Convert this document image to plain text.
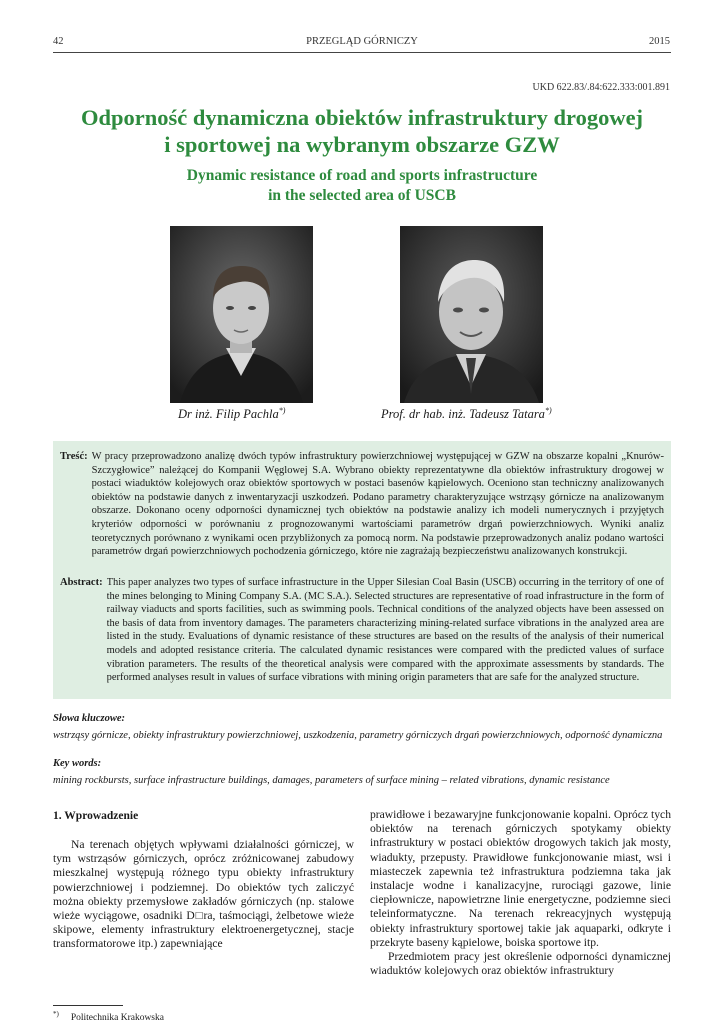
42	PRZEGLĄD GÓRNICZY	2015
UKD 622.83/.84:622.333:001.891
Odporność dynamiczna obiektów infrastruktury drogowej
i sportowej na wybranym obszarze GZW
Dynamic resistance of road and sports infrastructure
in the selected area of USCB
Dr inż. Filip Pachla*)	Prof. dr hab. inż. Tadeusz Tatara*)
Treść: W pracy przeprowadzono analizę dwóch typów infrastruktury powierzchniowej występującej w GZW na obszarze kopalni „Knurów-Szczygłowice” należącej do Kompanii Węglowej S.A. Wybrano obiekty reprezentatywne dla obiektów infrastruktury drogowej w postaci wiaduktów kolejowych oraz obiektów sportowych w postaci basenów kąpielowych. Oceniono stan techniczny analizowanych obiektów na podstawie danych z inwentaryzacji uszkodzeń. Podano parametry charakteryzujące wstrząsy górnicze na analizowanym obszarze. Dokonano oceny odporności dynamicznej tych obiektów na podstawie analizy ich modeli numerycznych i przyjętych kryteriów odporności w porównaniu z prognozowanymi wartościami parametrów drgań powierzchniowych. Wyniki analiz teoretycznych porównano z wynikami ocen przybliżonych za pomocą norm. Na podstawie przeprowadzonych analiz podano wartości parametrów drgań powierzchniowych pochodzenia górniczego, które nie zagrażają bezpieczeństwu analizowanych konstrukcji.
Abstract: This paper analyzes two types of surface infrastructure in the Upper Silesian Coal Basin (USCB) occurring in the territory of one of the mines belonging to Mining Company S.A. (MC S.A.). Selected structures are representative of road infrastructure in the form of railway viaducts and sports facilities, such as swimming pools. Technical conditions of the analyzed objects have been assessed on the basis of data from inventory damages. The parameters characterizing mining-related surface vibrations in the analyzed area are listed in the study. Evaluations of dynamic resistance of these structures are based on the results of the analysis of their numerical models and adopted resistance criteria. The calculated dynamic resistances were compared with the predicted values of surface vibration parameters. The results of the theoretical analysis were compared with the approximate assessments by standards. The performed analyses result in values of surface vibrations with mining origin parameters that are safe for the analyzed structure.
Słowa kluczowe:
wstrząsy górnicze, obiekty infrastruktury powierzchniowej, uszkodzenia, parametry górniczych drgań powierzchniowych, odporność dynamiczna
Key words:
mining rockbursts, surface infrastructure buildings, damages, parameters of surface mining – related vibrations, dynamic resistance
1. Wprowadzenie

Na terenach objętych wpływami działalności górniczej, w tym wstrząsów górniczych, oprócz zróżnicowanej zabudowy mieszkalnej występują różnego typu obiekty infrastruktury powierzchniowej i podziemnej. Do obiektów tych zaliczyć można obiekty przemysłowe zakładów górniczych (np. stalowe wieże wyciągowe, osadniki D□ra, taśmociągi, żelbetowe wieże skipowe, elementy infrastruktury elektroenergetycznej, stacje transformatorowe itp.) zapewniające

prawidłowe i bezawaryjne funkcjonowanie kopalni. Oprócz tych obiektów na terenach górniczych spotykamy obiekty infrastruktury w postaci obiektów drogowych takich jak mosty, wiadukty, przepusty. Prawidłowe funkcjonowanie miast, wsi i miasteczek zapewnia też infrastruktura podziemna taka jak instalacje wodne i kanalizacyjne, rurociągi gazowe, linie ciepłownicze, napowietrzne linie energetyczne, podziemne sieci teleinformatyczne. Na terenach rekreacyjnych występują obiekty infrastruktury sportowej takie jak aquaparki, odkryte i przekryte baseny kąpielowe, boiska sportowe itp.

Przedmiotem pracy jest określenie odporności dynamicznej wiaduktów kolejowych oraz obiektów infrastruktury

*) Politechnika Krakowska
